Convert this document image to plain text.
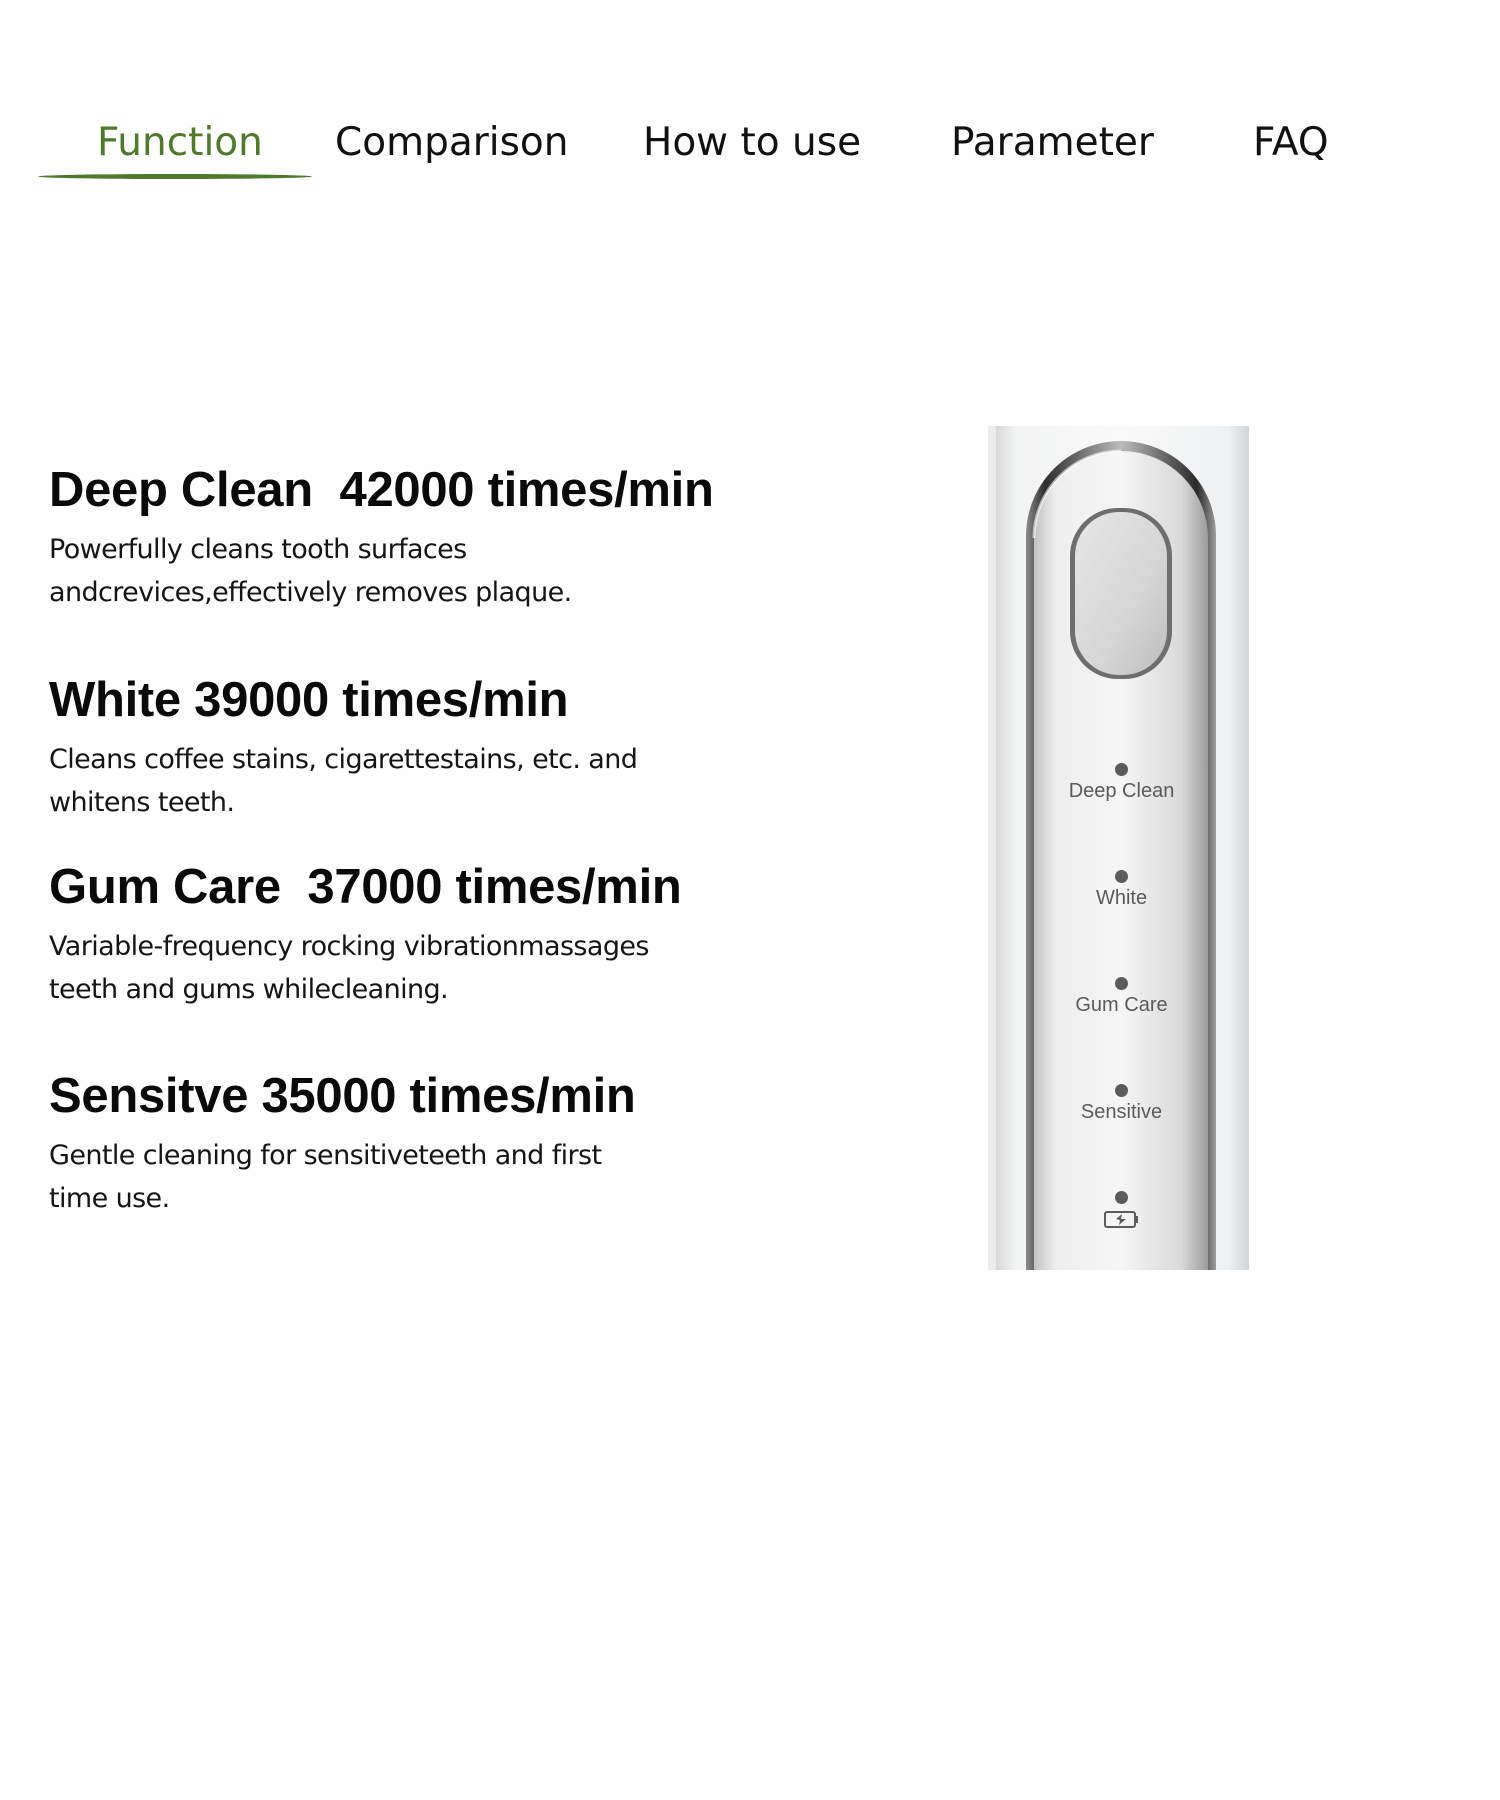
Function Comparison How to use Parameter	FAQ
Deep Clean  42000 times/min

Powerfully cleans tooth surfaces
andcrevices,effectively removes plaque.

White 39000 times/min

Cleans coffee stains, cigarettestains, etc. and
whitens teeth.

Gum Care  37000 times/min

Variable-frequency rocking vibrationmassages
teeth and gums whilecleaning.

Sensitve 35000 times/min

Gentle cleaning for sensitiveteeth and first
time use.

Deep Clean
White
Gum Care
Sensitive
